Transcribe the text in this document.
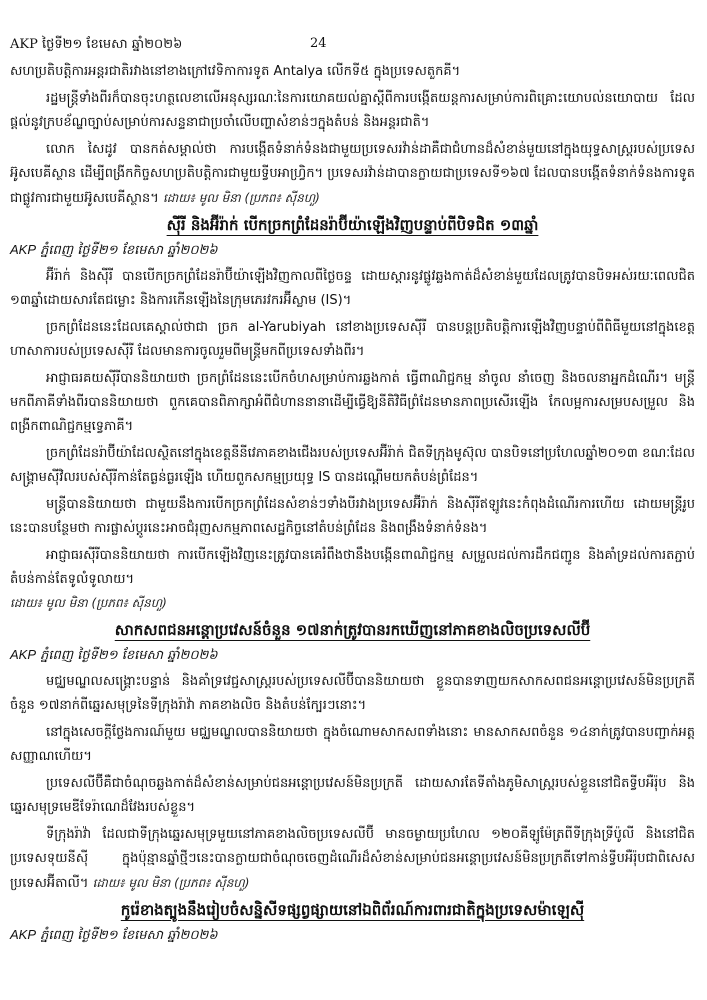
AKP ថ្ងៃទី២១ ខែមេសា ឆ្នាំ២០២៦	24

សហប្រតិបត្តិការអន្តរជាតិរវាងនៅខាងក្រៅវេទិកាការទូត Antalya លើកទី៥ ក្នុងប្រទេសតួកគី។

រដ្ឋមន្ត្រីទាំងពីរក៏បានចុះហត្ថលេខាលើអនុស្សរណៈនៃការយោគយល់គ្នាស្តីពីការបង្កើតយន្តការសម្រាប់ការពិគ្រោះយោបល់នយោបាយ ដែលផ្តល់នូវក្របខ័ណ្ឌច្បាប់សម្រាប់ការសន្ទនាជាប្រចាំលើបញ្ហាសំខាន់ៗក្នុងតំបន់ និងអន្តរជាតិ។

លោក សៃដូវ បានកត់សម្គាល់ថា ការបង្កើតទំនាក់ទំនងជាមួយប្រទេសរវ៉ាន់ដាគឺជាជំហានដ៏សំខាន់មួយនៅក្នុងយុទ្ធសាស្ត្ររបស់ប្រទេសអ៊ូសបេគីស្ថាន ដើម្បីពង្រីកកិច្ចសហប្រតិបត្តិការជាមួយទ្វីបអាហ្វ្រិក។ ប្រទេសរវ៉ាន់ដាបានក្លាយជាប្រទេសទី១៦៧ ដែលបានបង្កើតទំនាក់ទំនងការទូតជាផ្លូវការជាមួយអ៊ូសបេគីស្ថាន។ ដោយ៖ មូល មិនា (ប្រភព៖ ស៊ីនហួ)

ស៊ីរី និងអ៊ីរ៉ាក់ បើកច្រកព្រំដែនរ៉ាប៊ីយ៉ាឡើងវិញបន្ទាប់ពីបិទជិត ១៣ឆ្នាំ
AKP ភ្នំពេញ ថ្ងៃទី២១ ខែមេសា ឆ្នាំ២០២៦

អ៊ីរ៉ាក់ និងស៊ីរី បានបើកច្រកព្រំដែនរ៉ាប៊ីយ៉ាឡើងវិញកាលពីថ្ងៃចន្ទ ដោយស្តារនូវផ្លូវឆ្លងកាត់ដ៏សំខាន់មួយដែលត្រូវបានបិទអស់រយៈពេលជិត ១៣ឆ្នាំដោយសារតែជម្លោះ និងការកើនឡើងនៃក្រុមភេរវករអ៊ីស្លាម (IS)។

ច្រកព្រំដែននេះដែលគេស្គាល់ថាជា ច្រក al-Yarubiyah នៅខាងប្រទេសស៊ីរី បានបន្តប្រតិបត្តិការឡើងវិញបន្ទាប់ពីពិធីមួយនៅក្នុងខេត្តហាសាការបស់ប្រទេសស៊ីរី ដែលមានការចូលរួមពីមន្ត្រីមកពីប្រទេសទាំងពីរ។

អាជ្ញាធរគយស៊ីរីបាននិយាយថា ច្រកព្រំដែននេះបើកចំហសម្រាប់ការឆ្លងកាត់ ធ្វើពាណិជ្ជកម្ម នាំចូល នាំចេញ និងចលនាអ្នកដំណើរ។ មន្ត្រីមកពីភាគីទាំងពីរបាននិយាយថា ពួកគេបានពិភាក្សាអំពីជំហាននានាដើម្បីធ្វើឱ្យនីតិវិធីព្រំដែនមានភាពប្រសើរឡើង កែលម្អការសម្របសម្រួល និងពង្រីកពាណិជ្ជកម្មទ្វេភាគី។

ច្រកព្រំដែនរ៉ាប៊ីយ៉ាដែលស្ថិតនៅក្នុងខេត្តនីនីវេភាគខាងជើងរបស់ប្រទេសអ៊ីរ៉ាក់ ជិតទីក្រុងមូស៊ុល បានបិទនៅប្រហែលឆ្នាំ២០១៣ ខណៈដែលសង្គ្រាមស៊ីវិលរបស់ស៊ីរីកាន់តែធ្ងន់ធ្ងរឡើង ហើយពួកសកម្មប្រយុទ្ធ IS បានដណ្តើមយកតំបន់ព្រំដែន។

មន្ត្រីបាននិយាយថា ជាមួយនឹងការបើកច្រកព្រំដែនសំខាន់ៗទាំងបីរវាងប្រទេសអ៊ីរ៉ាក់ និងស៊ីរីឥឡូវនេះកំពុងដំណើរការហើយ ដោយមន្ត្រីរូបនេះបានបន្ថែមថា ការផ្លាស់ប្តូរនេះអាចជំរុញសកម្មភាពសេដ្ឋកិច្ចនៅតំបន់ព្រំដែន និងពង្រឹងទំនាក់ទំនង។

អាជ្ញាធរស៊ីរីបាននិយាយថា ការបើកឡើងវិញនេះត្រូវបានគេរំពឹងថានឹងបង្កើនពាណិជ្ជកម្ម សម្រួលដល់ការដឹកជញ្ជូន និងគាំទ្រដល់ការតភ្ជាប់តំបន់កាន់តែទូលំទូលាយ។

ដោយ៖ មូល មិនា (ប្រភព៖ ស៊ីនហួ)
សាកសពជនអន្តោប្រវេសន៍ចំនួន ១៧នាក់ត្រូវបានរកឃើញនៅភាគខាងលិចប្រទេសលីប៊ី
AKP ភ្នំពេញ ថ្ងៃទី២១ ខែមេសា ឆ្នាំ២០២៦

មជ្ឈមណ្ឌលសង្គ្រោះបន្ទាន់ និងគាំទ្រវេជ្ជសាស្ត្ររបស់ប្រទេសលីប៊ីបាននិយាយថា ខ្លួនបានទាញយកសាកសពជនអន្តោប្រវេសន៍មិនប្រក្រតីចំនួន ១៧នាក់ពីឆ្នេរសមុទ្រនៃទីក្រុងរ៉ាវ៉ា ភាគខាងលិច និងតំបន់ក្បែរៗនោះ។

នៅក្នុងសេចក្តីថ្លែងការណ៍មួយ មជ្ឈមណ្ឌលបាននិយាយថា ក្នុងចំណោមសាកសពទាំងនោះ មានសាកសពចំនួន ១៤នាក់ត្រូវបានបញ្ជាក់អត្តសញ្ញាណហើយ។

ប្រទេសលីប៊ីគឺជាចំណុចឆ្លងកាត់ដ៏សំខាន់សម្រាប់ជនអន្តោប្រវេសន៍មិនប្រក្រតី ដោយសារតែទីតាំងភូមិសាស្ត្ររបស់ខ្លួននៅជិតទ្វីបអឺរ៉ុប និងឆ្នេរសមុទ្រមេឌីទែរ៉ាណេដ៏វែងរបស់ខ្លួន។

ទីក្រុងរ៉ាវ៉ា ដែលជាទីក្រុងឆ្នេរសមុទ្រមួយនៅភាគខាងលិចប្រទេសលីប៊ី មានចម្ងាយប្រហែល ១២០គីឡូម៉ែត្រពីទីក្រុងទ្រីប៉ូលី និងនៅជិតប្រទេសទុយនីស៊ី ក្នុងប៉ុន្មានឆ្នាំថ្មីៗនេះបានក្លាយជាចំណុចចេញដំណើរដ៏សំខាន់សម្រាប់ជនអន្តោប្រវេសន៍មិនប្រក្រតីទៅកាន់ទ្វីបអឺរ៉ុបជាពិសេសប្រទេសអ៊ីតាលី។ ដោយ៖ មូល មិនា (ប្រភព៖ ស៊ីនហួ)

កូរ៉េខាងត្បូងនឹងរៀបចំសន្និសីទផ្សព្វផ្សាយនៅឯពិព័រណ៍ការពារជាតិក្នុងប្រទេសម៉ាឡេស៊ី
AKP ភ្នំពេញ ថ្ងៃទី២១ ខែមេសា ឆ្នាំ២០២៦
